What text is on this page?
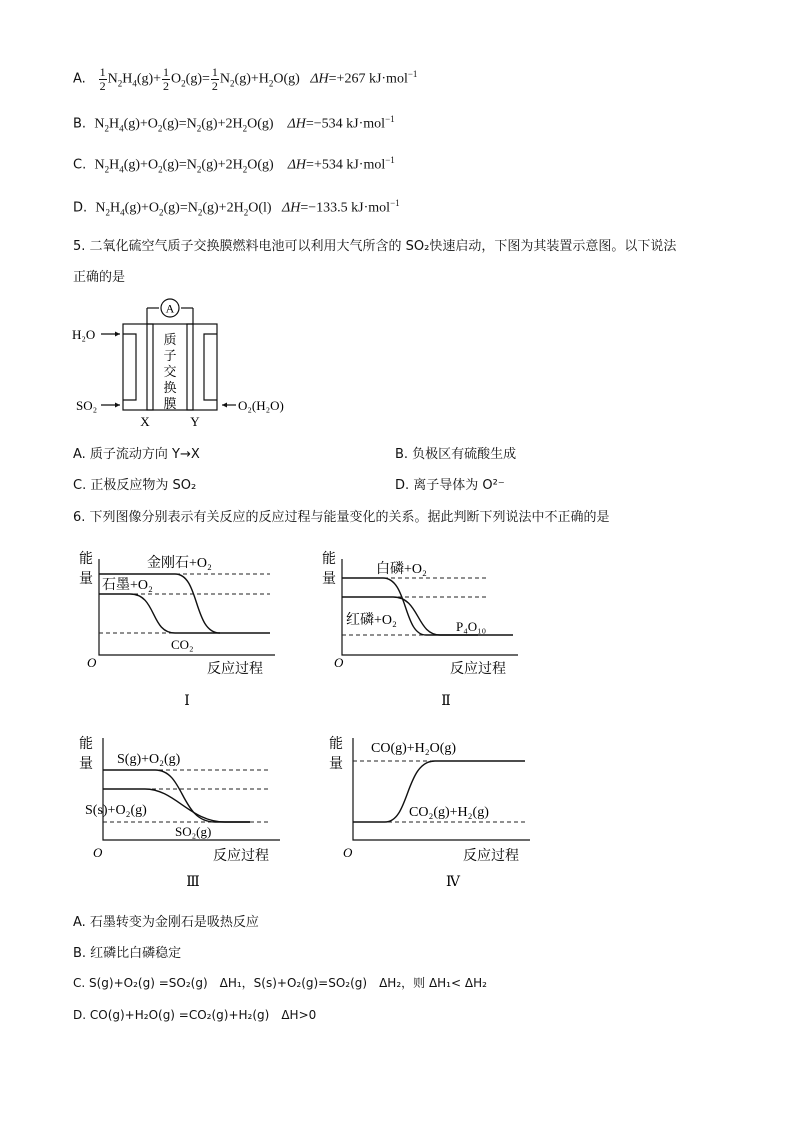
A. $\frac{1}{2} N_2H_4(g)+ \frac{1}{2} O_2(g)= \frac{1}{2} N_2(g)+H_2O(g)$   ΔH=+267 kJ·mol$^{-1}$
B.  $N_2H_4(g)+O_2(g)=N_2(g)+2H_2O(g)$    ΔH=−534 kJ·mol$^{-1}$
C.  $N_2H_4(g)+O_2(g)=N_2(g)+2H_2O(g)$    ΔH=+534 kJ·mol$^{-1}$
D.  $N_2H_4(g)+O_2(g)=N_2(g)+2H_2O(l)$   ΔH=−133.5 kJ·mol$^{-1}$
5. 二氧化硫空气质子交换膜燃料电池可以利用大气所含的 SO₂快速启动，下图为其装置示意图。以下说法
正确的是
A
质
子
交
换
膜
H₂O
SO₂	O₂(H₂O)
X	Y
A. 质子流动方向 Y→X	B. 负极区有硫酸生成
C. 正极反应物为 SO₂	D. 离子导体为 O²⁻
6. 下列图像分别表示有关反应的反应过程与能量变化的关系。据此判断下列说法中不正确的是
能
量
金刚石+O₂
石墨+O₂
CO₂
O	反应过程
Ⅰ
能
量
白磷+O₂
红磷+O₂	P₄O₁₀
O	反应过程
Ⅱ
能
量 S(g)+O₂(g)
S(s)+O₂(g)
SO₂(g)
O	反应过程
Ⅲ
能
量
CO(g)+H₂O(g)
CO₂(g)+H₂(g)
O	反应过程
Ⅳ
A. 石墨转变为金刚石是吸热反应
B. 红磷比白磷稳定
C. S(g)+O₂(g) =SO₂(g)　ΔH₁，S(s)+O₂(g)=SO₂(g)　ΔH₂，则 ΔH₁< ΔH₂
D. CO(g)+H₂O(g) =CO₂(g)+H₂(g)　ΔH>0
